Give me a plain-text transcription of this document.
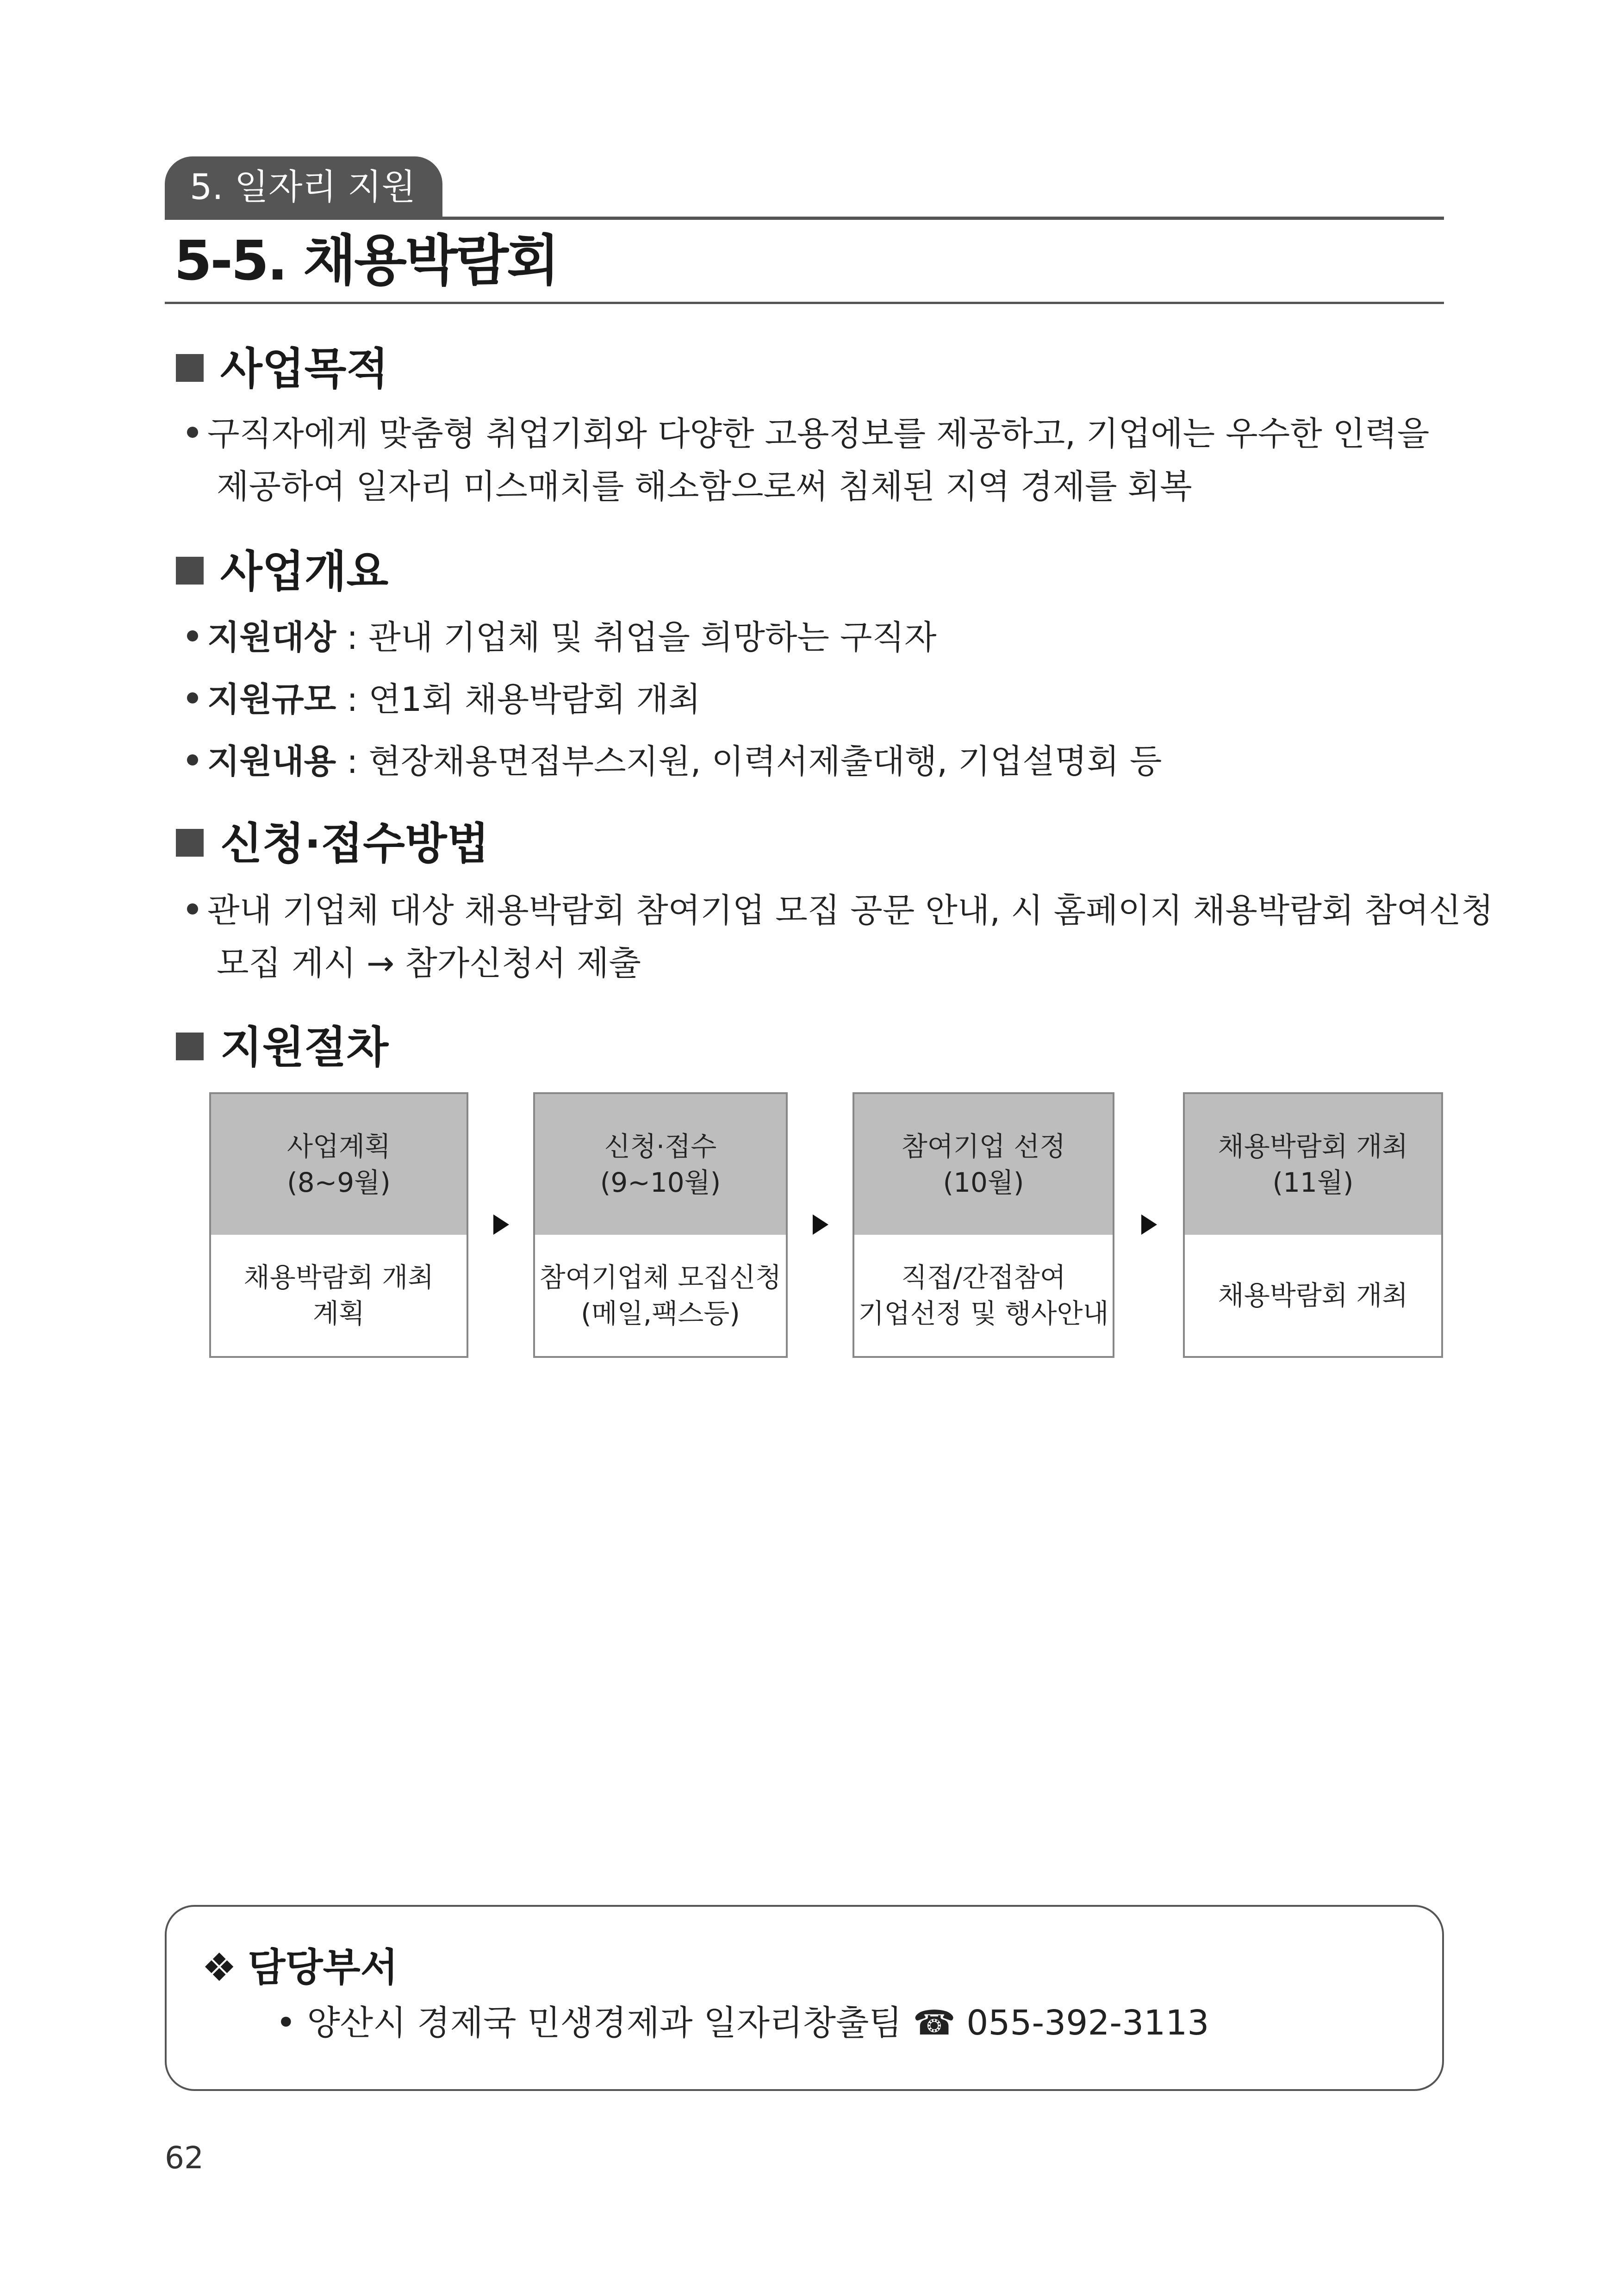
5. 일자리 지원
5-5. 채용박람회
사업목적
구직자에게 맞춤형 취업기회와 다양한 고용정보를 제공하고, 기업에는 우수한 인력을
제공하여 일자리 미스매치를 해소함으로써 침체된 지역 경제를 회복
사업개요
지원대상 : 관내 기업체 및 취업을 희망하는 구직자
지원규모 : 연1회 채용박람회 개최
지원내용 : 현장채용면접부스지원, 이력서제출대행, 기업설명회 등
신청·접수방법
관내 기업체 대상 채용박람회 참여기업 모집 공문 안내, 시 홈페이지 채용박람회 참여신청
모집 게시 → 참가신청서 제출
지원절차
사업계획
(8~9월)
채용박람회 개최
계획
신청·접수
(9~10월)
참여기업체 모집신청
(메일,팩스등)
참여기업 선정
(10월)
직접/간접참여
기업선정 및 행사안내
채용박람회 개최
(11월)
채용박람회 개최
❖ 담당부서
• 양산시 경제국 민생경제과 일자리창출팀 ☎ 055-392-3113
62
